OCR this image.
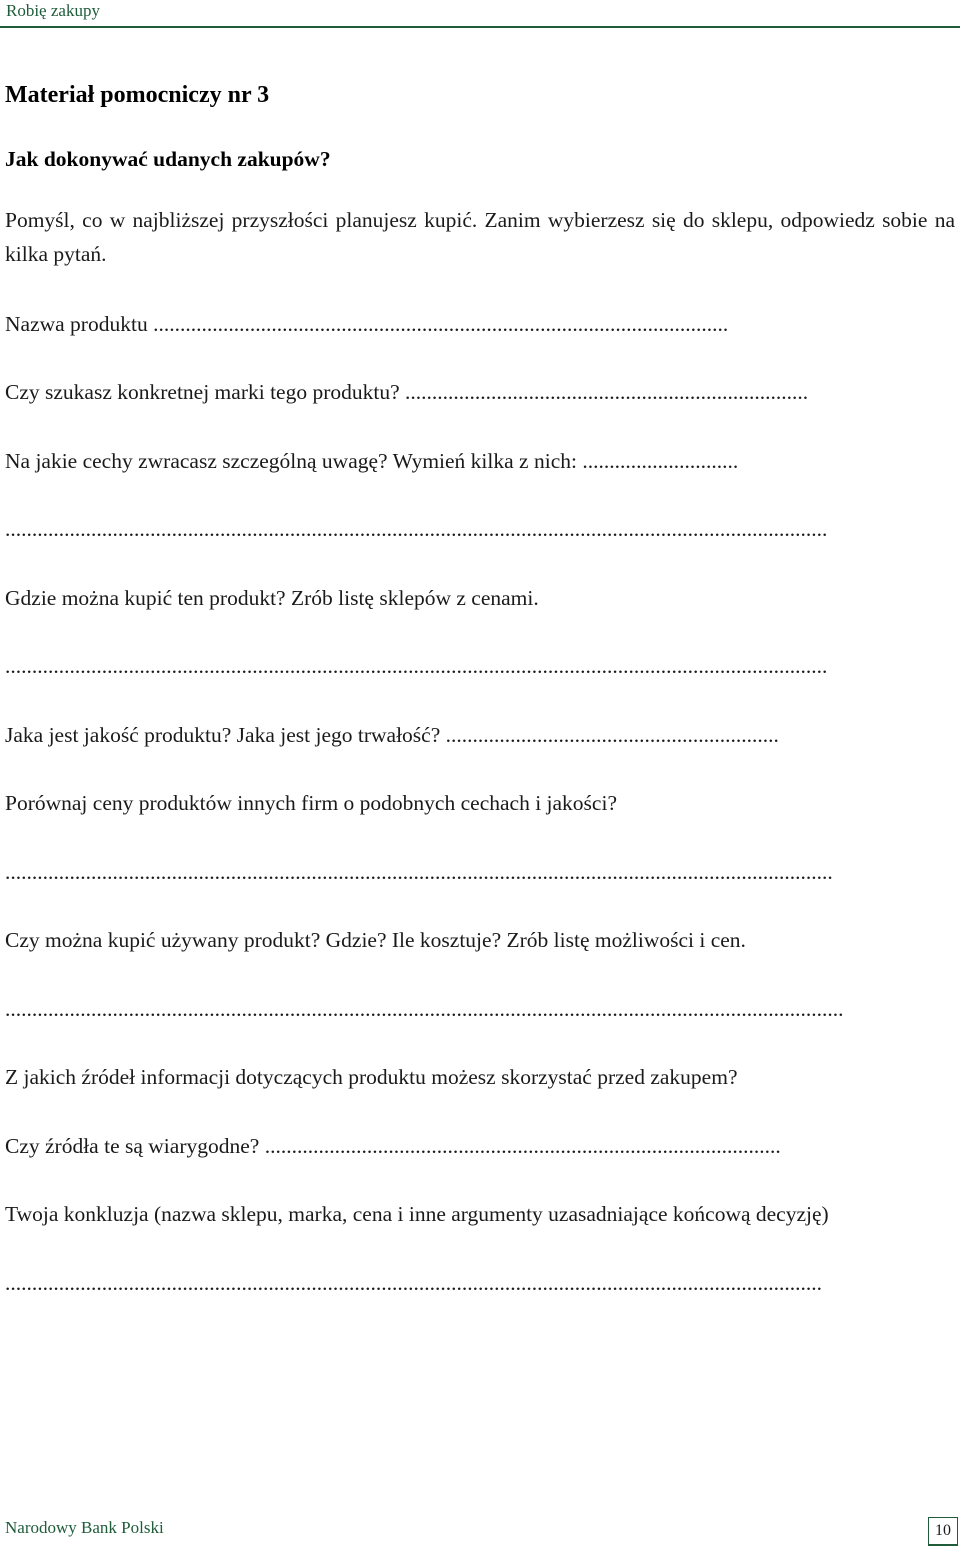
Robię zakupy
Materiał pomocniczy nr 3
Jak dokonywać udanych zakupów?
Pomyśl, co w najbliższej przyszłości planujesz kupić. Zanim wybierzesz się do sklepu, odpowiedz sobie na kilka pytań.
Nazwa produktu ...........................................................................................................
Czy szukasz konkretnej marki tego produktu? ...........................................................................
Na jakie cechy zwracasz szczególną uwagę? Wymień kilka z nich: .............................
.........................................................................................................................................................
Gdzie można kupić ten produkt? Zrób listę sklepów z cenami.
.........................................................................................................................................................
Jaka jest jakość produktu? Jaka jest jego trwałość? ..............................................................
Porównaj ceny produktów innych firm o podobnych cechach i jakości?
..........................................................................................................................................................
Czy można kupić używany produkt? Gdzie? Ile kosztuje? Zrób listę możliwości i cen.
............................................................................................................................................................
Z jakich źródeł informacji dotyczących produktu możesz skorzystać przed zakupem?
Czy źródła te są wiarygodne? ................................................................................................
Twoja konkluzja (nazwa sklepu, marka, cena i inne argumenty uzasadniające końcową decyzję)
........................................................................................................................................................
Narodowy Bank Polski	10
